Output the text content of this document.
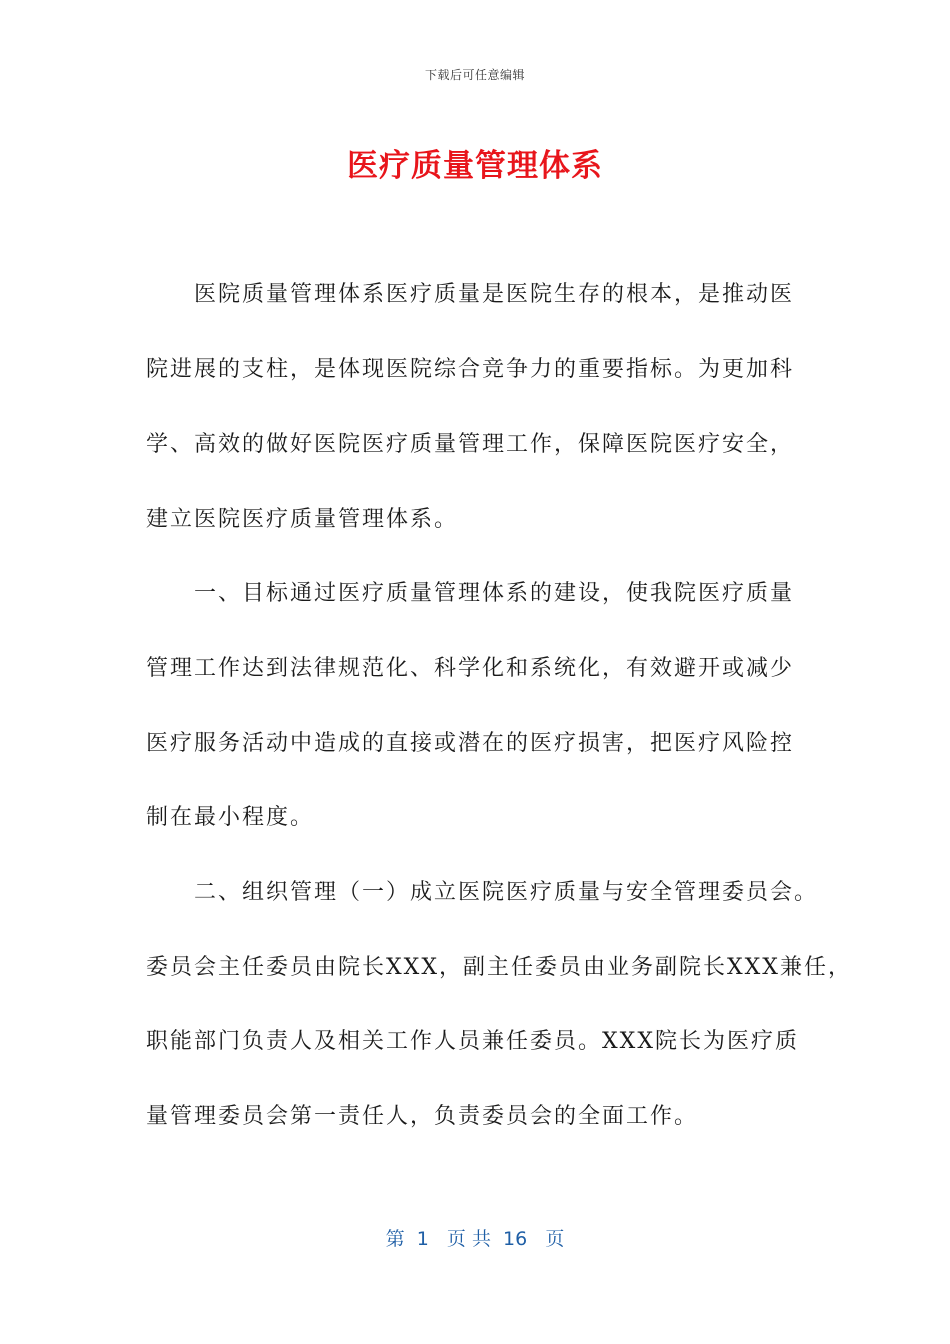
下载后可任意编辑
医疗质量管理体系
医院质量管理体系医疗质量是医院生存的根本，是推动医
院进展的支柱，是体现医院综合竞争力的重要指标。为更加科
学、高效的做好医院医疗质量管理工作，保障医院医疗安全，
建立医院医疗质量管理体系。
一、目标通过医疗质量管理体系的建设，使我院医疗质量
管理工作达到法律规范化、科学化和系统化，有效避开或减少
医疗服务活动中造成的直接或潜在的医疗损害，把医疗风险控
制在最小程度。
二、组织管理（一）成立医院医疗质量与安全管理委员会。
委员会主任委员由院长XXX，副主任委员由业务副院长XXX兼任，
职能部门负责人及相关工作人员兼任委员。XXX院长为医疗质
量管理委员会第一责任人，负责委员会的全面工作。
第  1   页 共  16   页
